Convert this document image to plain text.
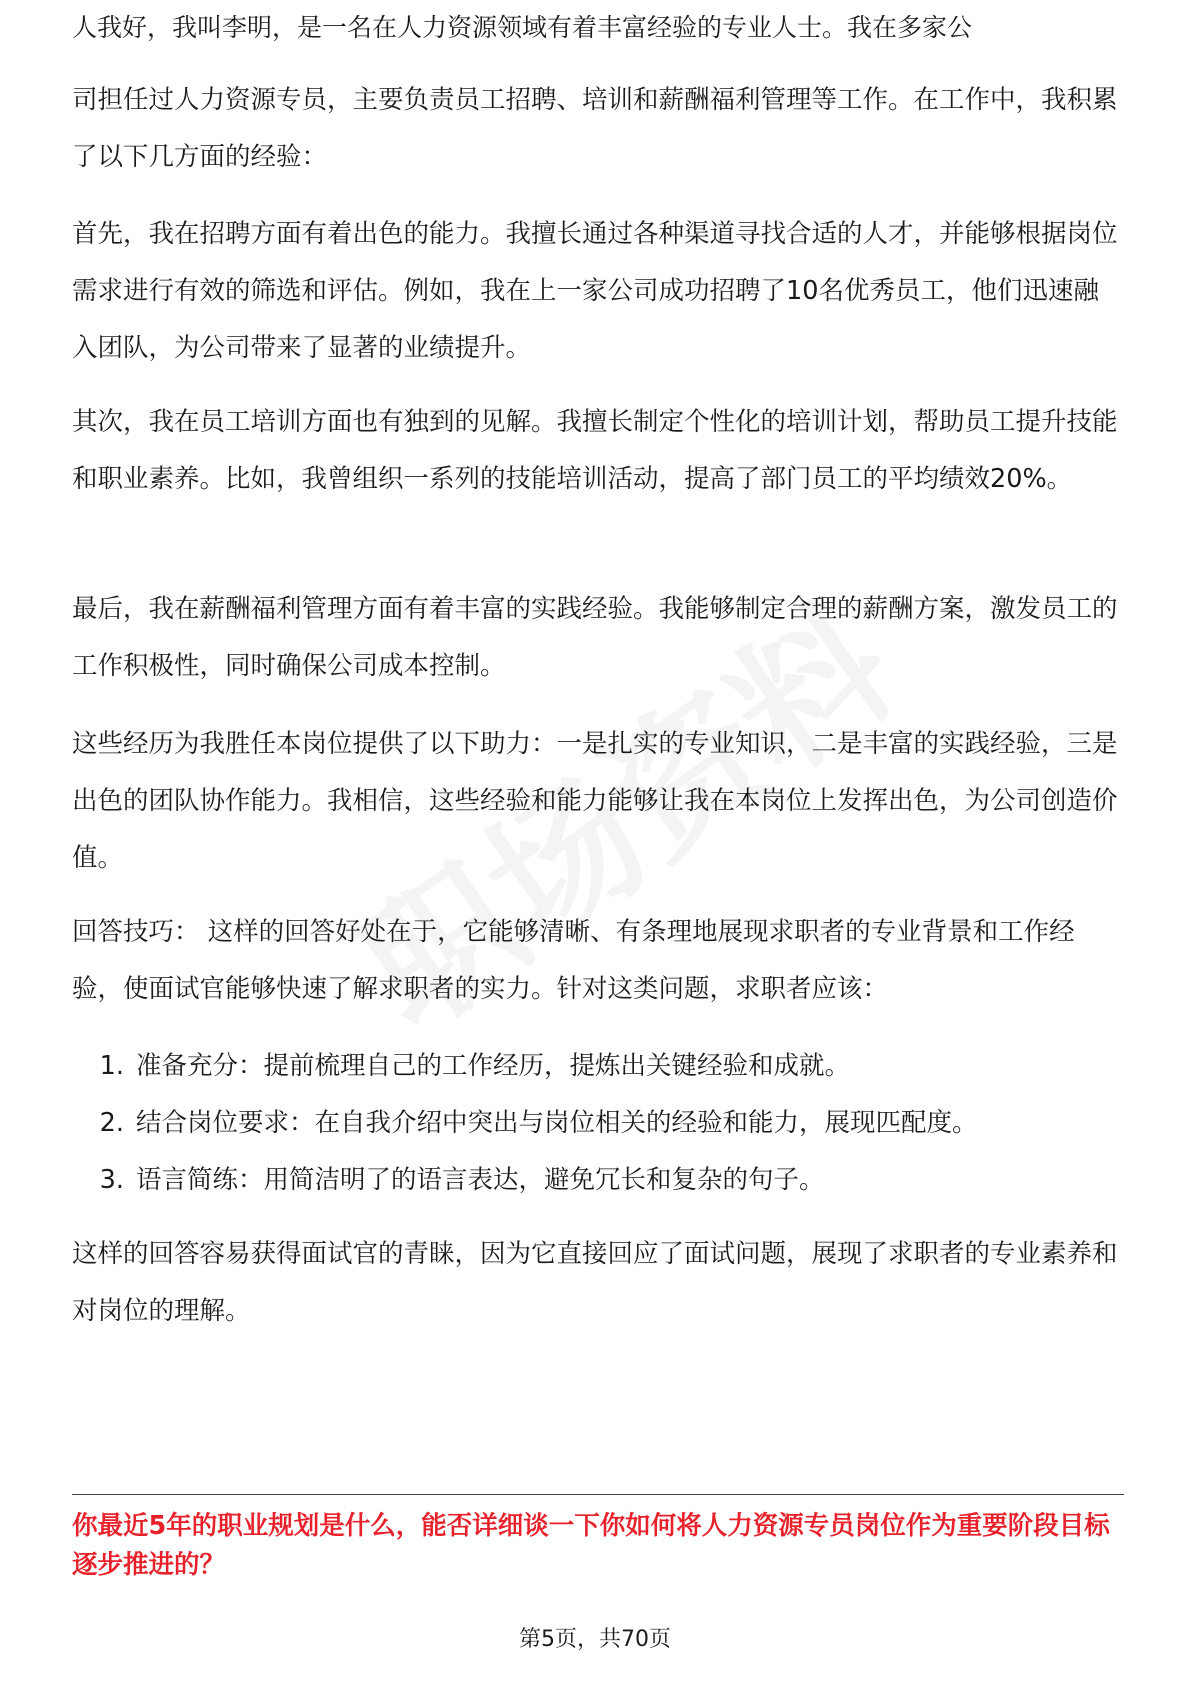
人我好，我叫李明，是一名在人力资源领域有着丰富经验的专业人士。我在多家公

司担任过人力资源专员，主要负责员工招聘、培训和薪酬福利管理等工作。在工作中，我积累了以下几方面的经验：

首先，我在招聘方面有着出色的能力。我擅长通过各种渠道寻找合适的人才，并能够根据岗位需求进行有效的筛选和评估。例如，我在上一家公司成功招聘了10名优秀员工，他们迅速融入团队，为公司带来了显著的业绩提升。

其次，我在员工培训方面也有独到的见解。我擅长制定个性化的培训计划，帮助员工提升技能和职业素养。比如，我曾组织一系列的技能培训活动，提高了部门员工的平均绩效20%。

最后，我在薪酬福利管理方面有着丰富的实践经验。我能够制定合理的薪酬方案，激发员工的工作积极性，同时确保公司成本控制。

这些经历为我胜任本岗位提供了以下助力：一是扎实的专业知识，二是丰富的实践经验，三是出色的团队协作能力。我相信，这些经验和能力能够让我在本岗位上发挥出色，为公司创造价值。

回答技巧： 这样的回答好处在于，它能够清晰、有条理地展现求职者的专业背景和工作经验，使面试官能够快速了解求职者的实力。针对这类问题，求职者应该：

1. 准备充分：提前梳理自己的工作经历，提炼出关键经验和成就。
2. 结合岗位要求：在自我介绍中突出与岗位相关的经验和能力，展现匹配度。
3. 语言简练：用简洁明了的语言表达，避免冗长和复杂的句子。

这样的回答容易获得面试官的青睐，因为它直接回应了面试问题，展现了求职者的专业素养和对岗位的理解。

你最近5年的职业规划是什么，能否详细谈一下你如何将人力资源专员岗位作为重要阶段目标逐步推进的？

第5页，共70页
